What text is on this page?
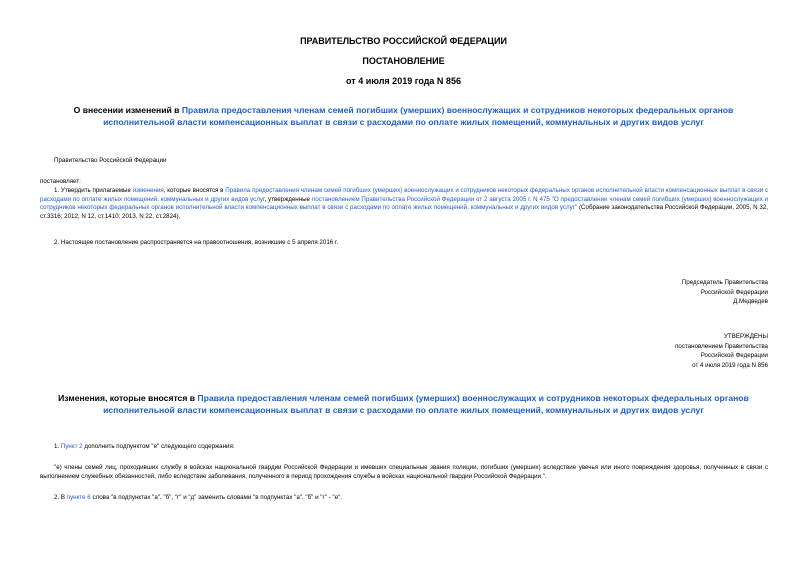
ПРАВИТЕЛЬСТВО РОССИЙСКОЙ ФЕДЕРАЦИИ
ПОСТАНОВЛЕНИЕ
от 4 июля 2019 года N 856
О внесении изменений в Правила предоставления членам семей погибших (умерших) военнослужащих и сотрудников некоторых федеральных органов исполнительной власти компенсационных выплат в связи с расходами по оплате жилых помещений, коммунальных и других видов услуг
Правительство Российской Федерации
постановляет:
1. Утвердить прилагаемые изменения, которые вносятся в Правила предоставления членам семей погибших (умерших) военнослужащих и сотрудников некоторых федеральных органов исполнительной власти компенсационных выплат в связи с расходами по оплате жилых помещений, коммунальных и других видов услуг, утвержденные постановлением Правительства Российской Федерации от 2 августа 2005 г. N 475 "О предоставлении членам семей погибших (умерших) военнослужащих и сотрудников некоторых федеральных органов исполнительной власти компенсационных выплат в связи с расходами по оплате жилых помещений, коммунальных и других видов услуг" (Собрание законодательства Российской Федерации, 2005, N 32, ст.3316; 2012, N 12, ст.1410; 2013, N 22, ст.2824).
2. Настоящее постановление распространяется на правоотношения, возникшие с 5 апреля 2016 г.
Председатель Правительства
Российской Федерации
Д.Медведев
УТВЕРЖДЕНЫ
постановлением Правительства
Российской Федерации
от 4 июля 2019 года N 856
Изменения, которые вносятся в Правила предоставления членам семей погибших (умерших) военнослужащих и сотрудников некоторых федеральных органов исполнительной власти компенсационных выплат в связи с расходами по оплате жилых помещений, коммунальных и других видов услуг
1. Пункт 2 дополнить подпунктом "е" следующего содержания:
"е) члены семей лиц, проходивших службу в войсках национальной гвардии Российской Федерации и имевших специальные звания полиции, погибших (умерших) вследствие увечья или иного повреждения здоровья, полученных в связи с выполнением служебных обязанностей, либо вследствие заболевания, полученного в период прохождения службы в войсках национальной гвардии Российской Федерации.".
2. В пункте 6 слова "в подпунктах "а", "б", "г" и "д" заменить словами "в подпунктах "а", "б" и "г" - "е".
